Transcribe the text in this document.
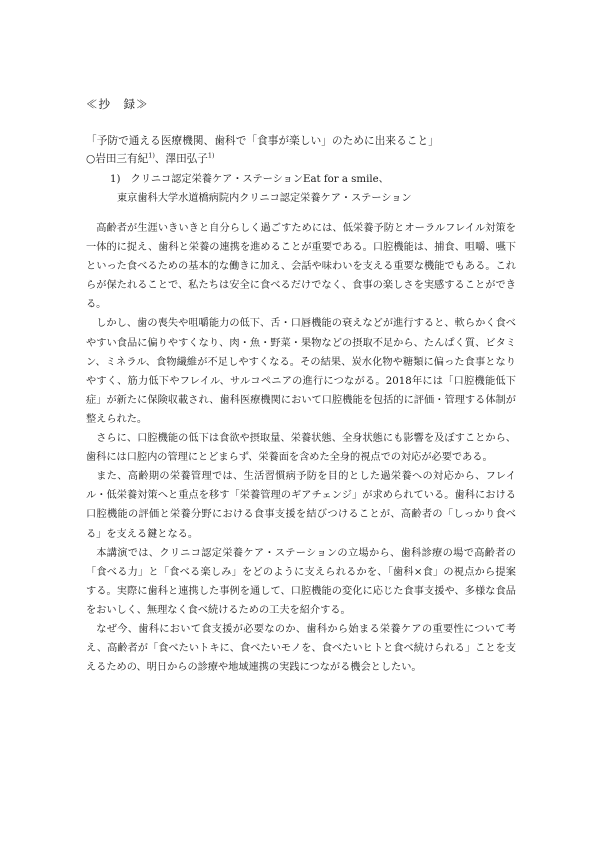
≪抄　録≫
「予防で通える医療機関、歯科で「食事が楽しい」のために出来ること」
○岩田三有紀$^{1)}$、澤田弘子$^{1)}$
1)　クリニコ認定栄養ケア・ステーションEat for a smile、
東京歯科大学水道橋病院内クリニコ認定栄養ケア・ステーション

高齢者が生涯いきいきと自分らしく過ごすためには、低栄養予防とオーラルフレイル対策を一体的に捉え、歯科と栄養の連携を進めることが重要である。口腔機能は、捕食、咀嚼、嚥下といった食べるための基本的な働きに加え、会話や味わいを支える重要な機能でもある。これらが保たれることで、私たちは安全に食べるだけでなく、食事の楽しさを実感することができる。

しかし、歯の喪失や咀嚼能力の低下、舌・口唇機能の衰えなどが進行すると、軟らかく食べやすい食品に偏りやすくなり、肉・魚・野菜・果物などの摂取不足から、たんぱく質、ビタミン、ミネラル、食物繊維が不足しやすくなる。その結果、炭水化物や糖類に偏った食事となりやすく、筋力低下やフレイル、サルコペニアの進行につながる。2018年には「口腔機能低下症」が新たに保険収載され、歯科医療機関において口腔機能を包括的に評価・管理する体制が整えられた。

さらに、口腔機能の低下は食欲や摂取量、栄養状態、全身状態にも影響を及ぼすことから、歯科には口腔内の管理にとどまらず、栄養面を含めた全身的視点での対応が必要である。

また、高齢期の栄養管理では、生活習慣病予防を目的とした過栄養への対応から、フレイル・低栄養対策へと重点を移す「栄養管理のギアチェンジ」が求められている。歯科における口腔機能の評価と栄養分野における食事支援を結びつけることが、高齢者の「しっかり食べる」を支える鍵となる。

本講演では、クリニコ認定栄養ケア・ステーションの立場から、歯科診療の場で高齢者の「食べる力」と「食べる楽しみ」をどのように支えられるかを、「歯科×食」の視点から提案する。実際に歯科と連携した事例を通して、口腔機能の変化に応じた食事支援や、多様な食品をおいしく、無理なく食べ続けるための工夫を紹介する。

なぜ今、歯科において食支援が必要なのか、歯科から始まる栄養ケアの重要性について考え、高齢者が「食べたいトキに、食べたいモノを、食べたいヒトと食べ続けられる」ことを支えるための、明日からの診療や地域連携の実践につながる機会としたい。
